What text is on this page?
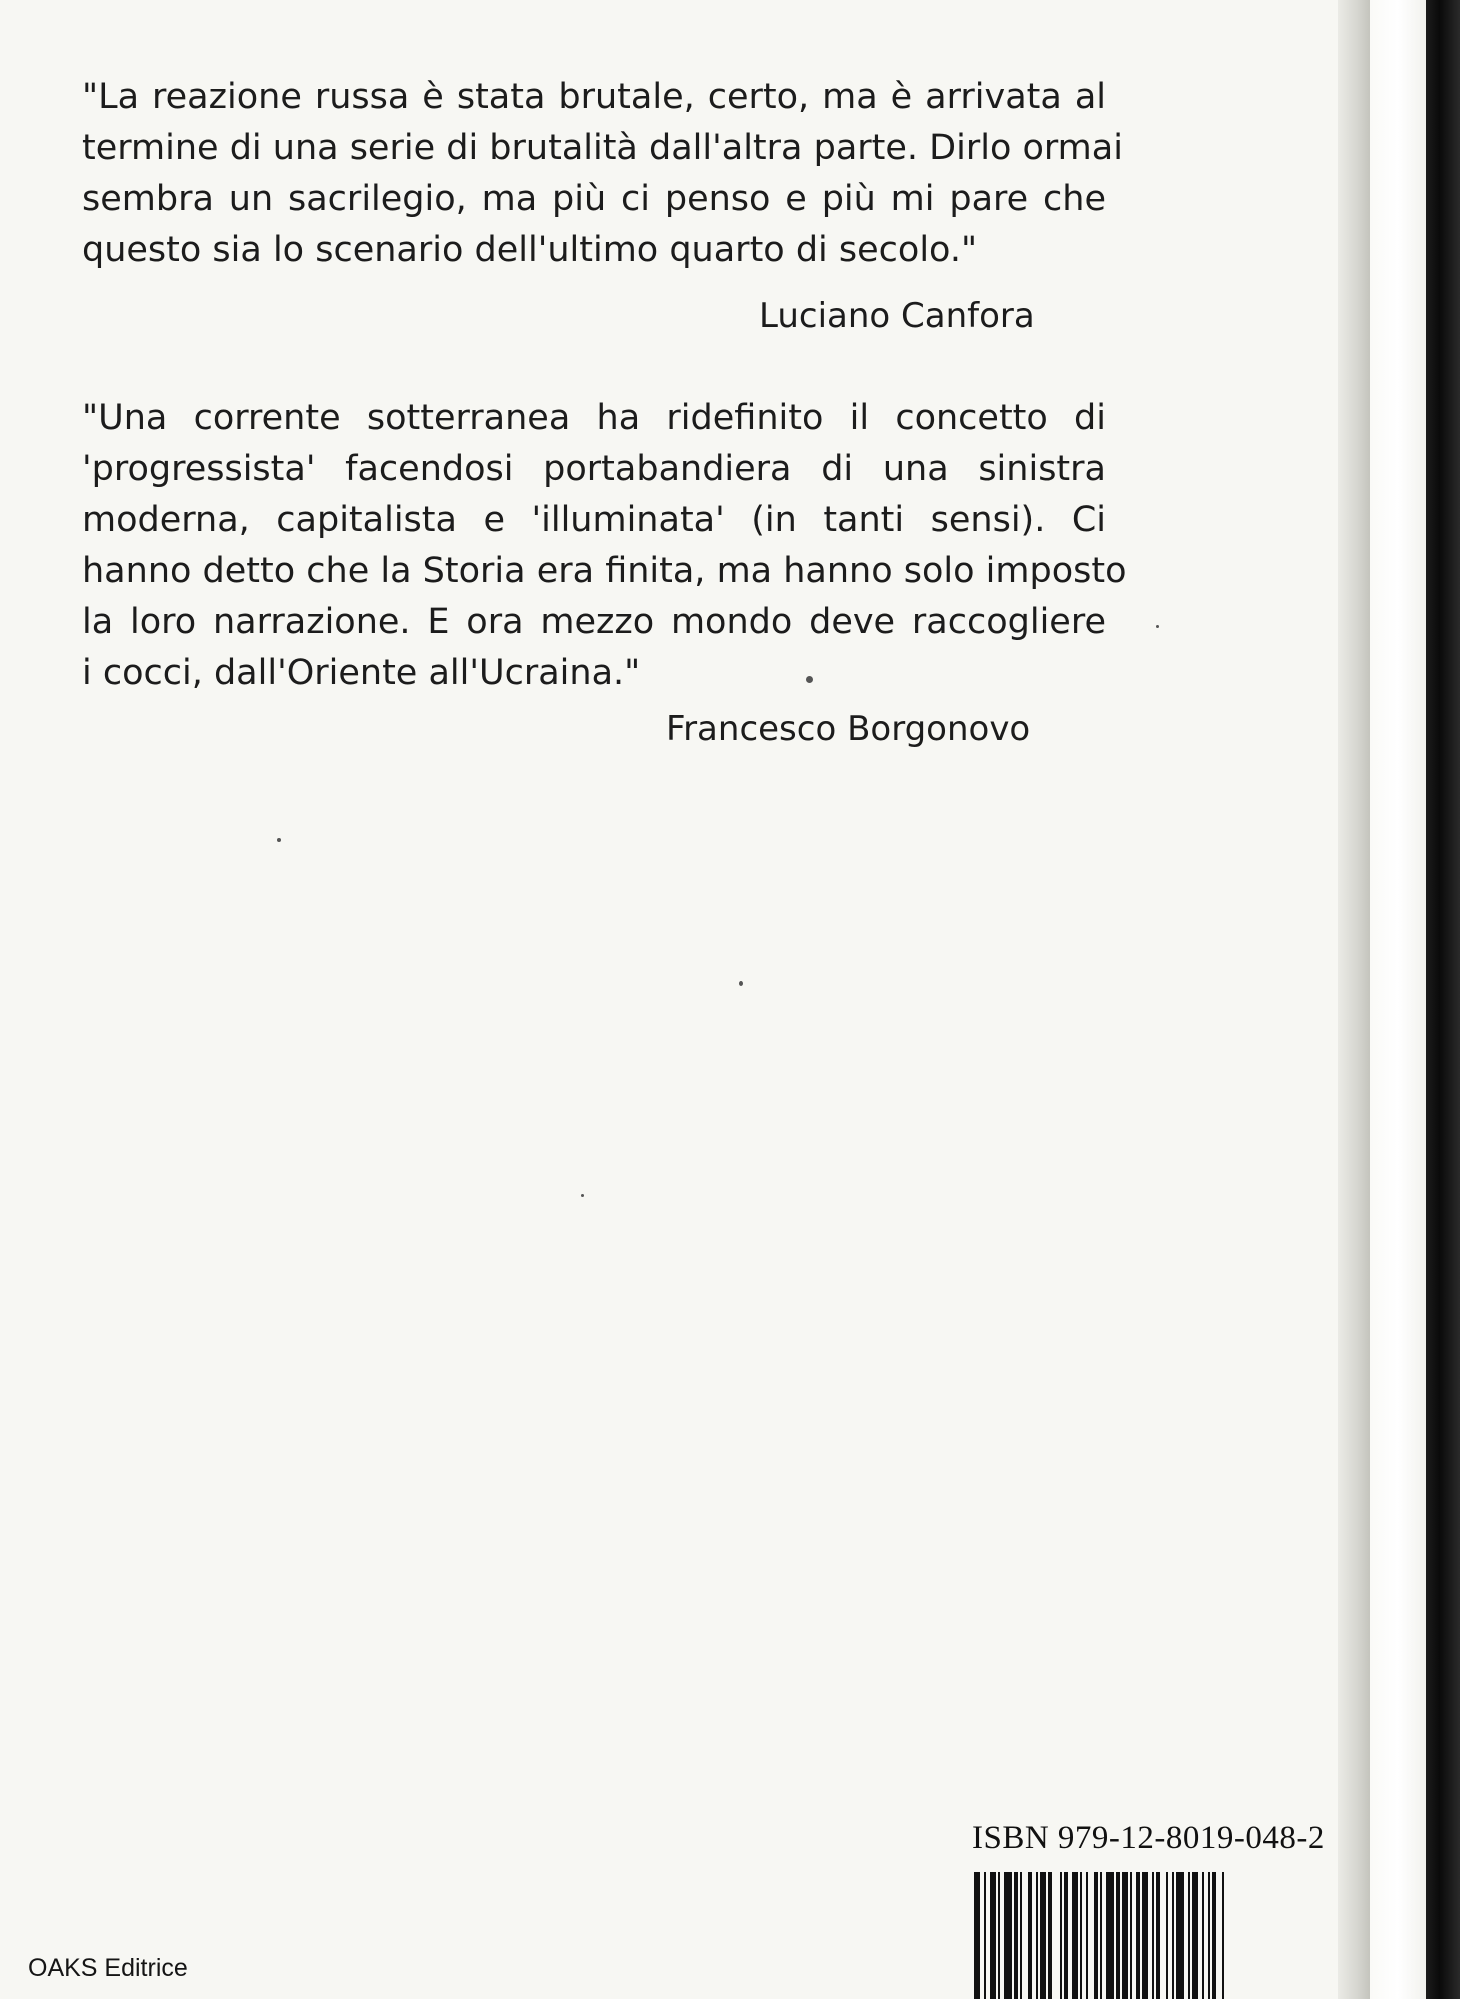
"La reazione russa è stata brutale, certo, ma è arrivata al
termine di una serie di brutalità dall'altra parte. Dirlo ormai
sembra un sacrilegio, ma più ci penso e più mi pare che
questo sia lo scenario dell'ultimo quarto di secolo."
Luciano Canfora
"Una corrente sotterranea ha ridefinito il concetto di
'progressista' facendosi portabandiera di una sinistra
moderna, capitalista e 'illuminata' (in tanti sensi). Ci
hanno detto che la Storia era finita, ma hanno solo imposto
la loro narrazione. E ora mezzo mondo deve raccogliere
i cocci, dall'Oriente all'Ucraina."
Francesco Borgonovo
ISBN 979-12-8019-048-2
OAKS Editrice
